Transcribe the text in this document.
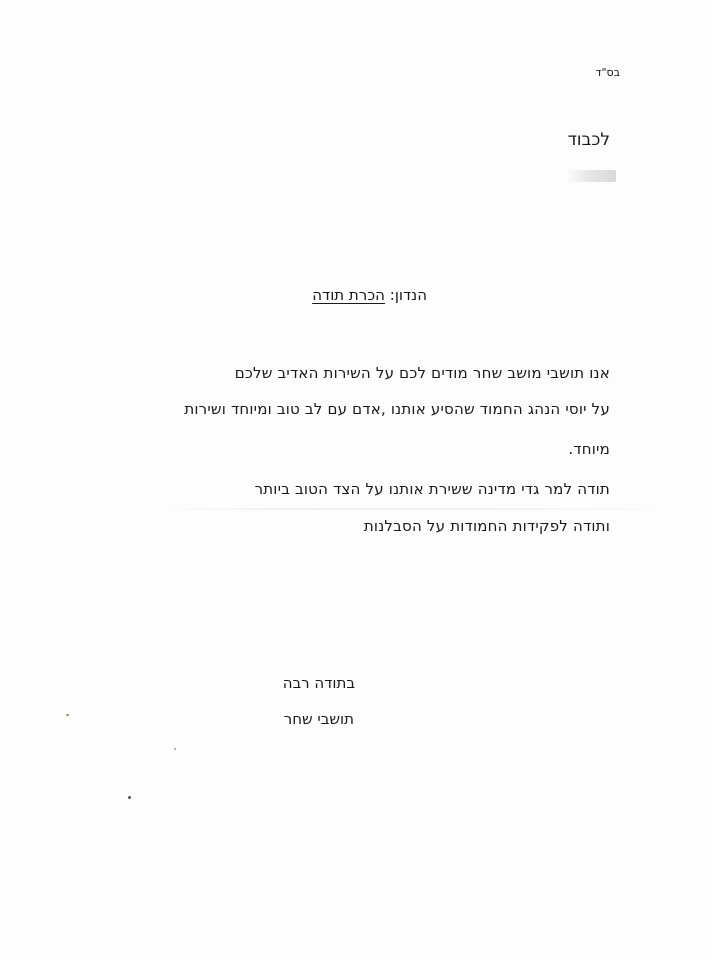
בס"ד
לכבוד
הנדון: הכרת תודה
אנו תושבי מושב שחר מודים לכם על השירות האדיב שלכם
על יוסי הנהג החמוד שהסיע אותנו ,אדם עם לב טוב ומיוחד ושירות
מיוחד.
תודה למר גדי מדינה ששירת אותנו על הצד הטוב ביותר
ותודה לפקידות החמודות על הסבלנות
בתודה רבה
תושבי שחר
